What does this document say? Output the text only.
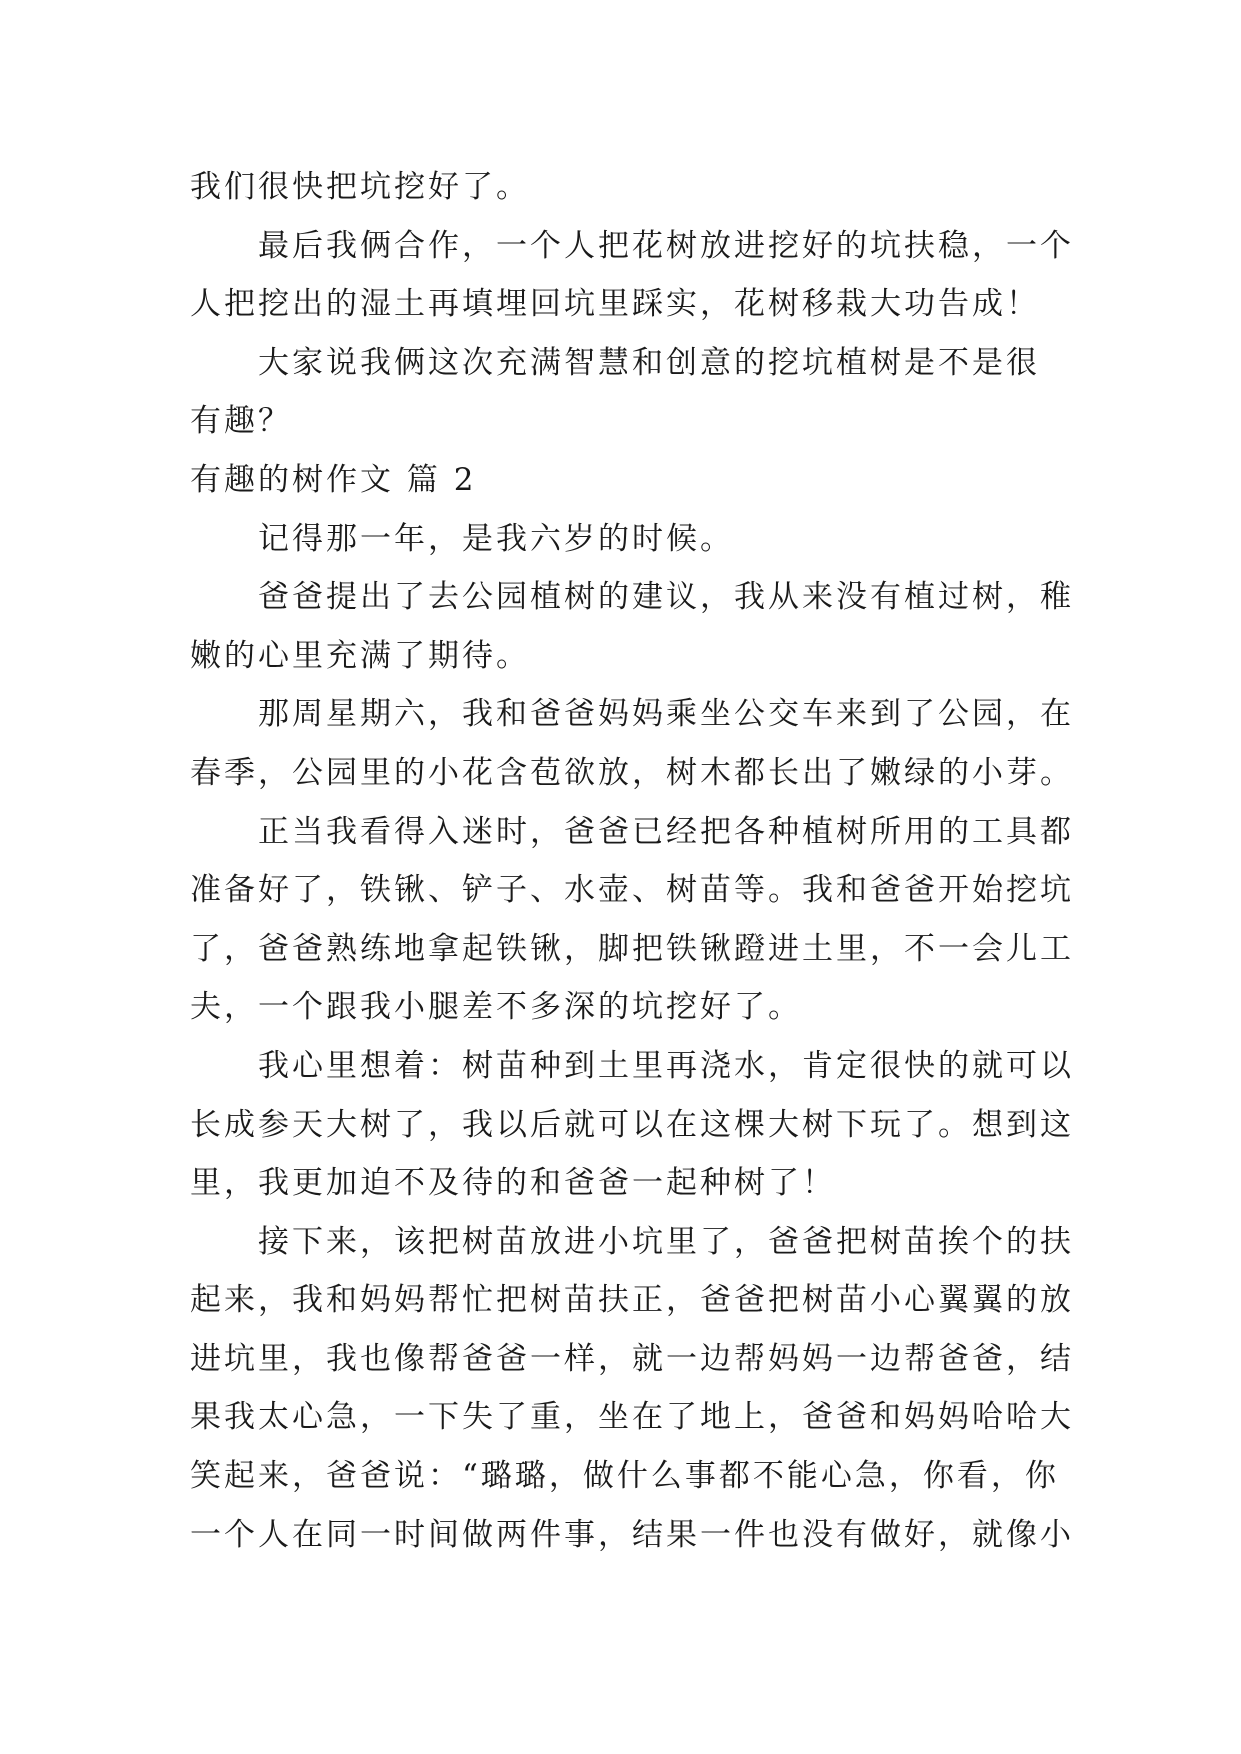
我们很快把坑挖好了。
最后我俩合作，一个人把花树放进挖好的坑扶稳，一个
人把挖出的湿土再填埋回坑里踩实，花树移栽大功告成！
大家说我俩这次充满智慧和创意的挖坑植树是不是很
有趣？
有趣的树作文 篇 2
记得那一年，是我六岁的时候。
爸爸提出了去公园植树的建议，我从来没有植过树，稚
嫩的心里充满了期待。
那周星期六，我和爸爸妈妈乘坐公交车来到了公园，在
春季，公园里的小花含苞欲放，树木都长出了嫩绿的小芽。
正当我看得入迷时，爸爸已经把各种植树所用的工具都
准备好了，铁锹、铲子、水壶、树苗等。我和爸爸开始挖坑
了，爸爸熟练地拿起铁锹，脚把铁锹蹬进土里，不一会儿工
夫，一个跟我小腿差不多深的坑挖好了。
我心里想着：树苗种到土里再浇水，肯定很快的就可以
长成参天大树了，我以后就可以在这棵大树下玩了。想到这
里，我更加迫不及待的和爸爸一起种树了！
接下来，该把树苗放进小坑里了，爸爸把树苗挨个的扶
起来，我和妈妈帮忙把树苗扶正，爸爸把树苗小心翼翼的放
进坑里，我也像帮爸爸一样，就一边帮妈妈一边帮爸爸，结
果我太心急，一下失了重，坐在了地上，爸爸和妈妈哈哈大
笑起来，爸爸说：“璐璐，做什么事都不能心急，你看，你
一个人在同一时间做两件事，结果一件也没有做好，就像小
